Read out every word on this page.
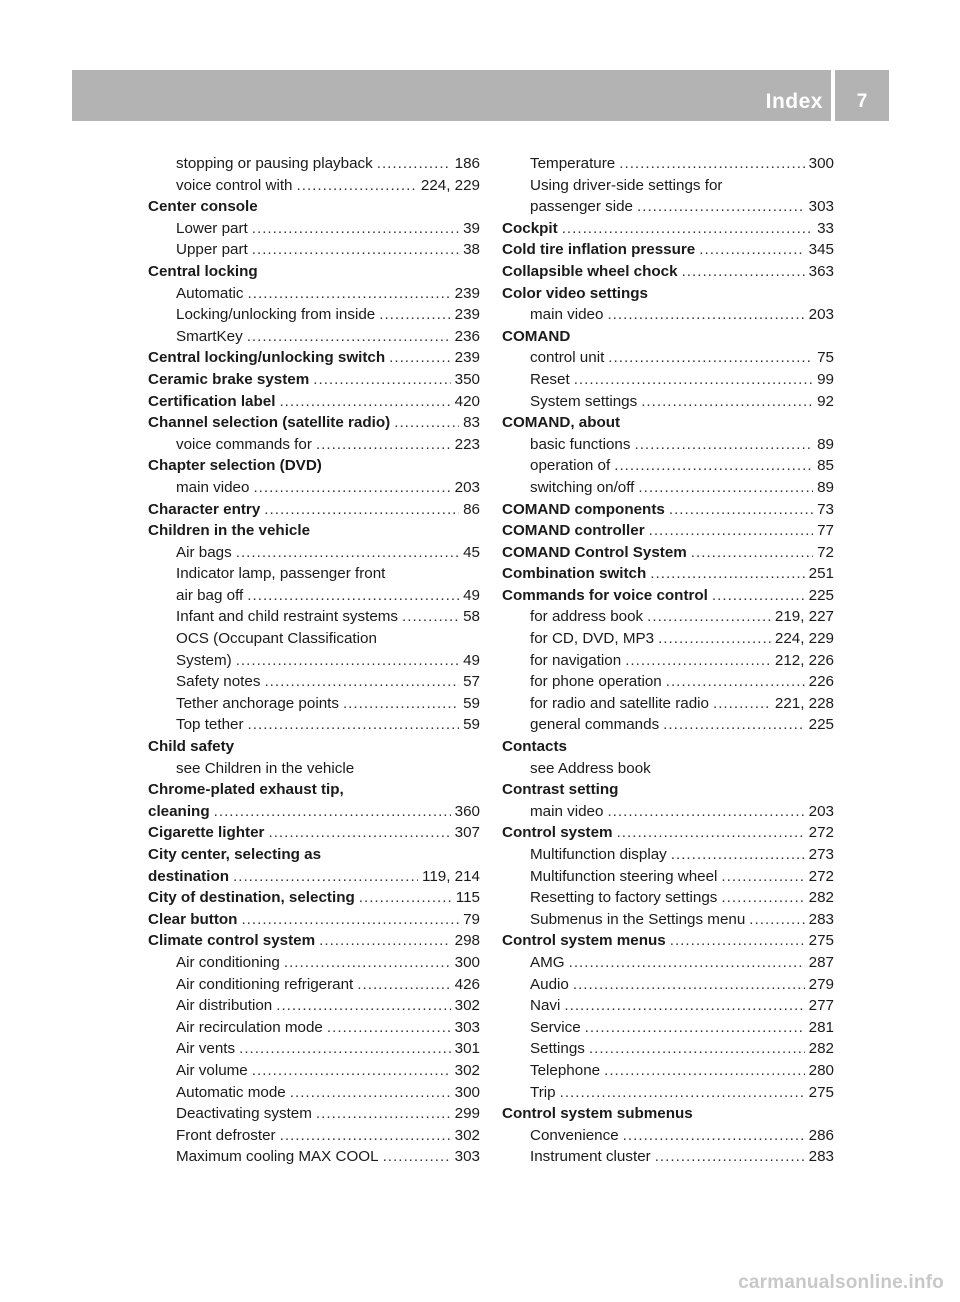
Index	7
stopping or pausing playback .....	186
voice control with .....	224, 229
Center console
Lower part .....	39
Upper part .....	38
Central locking
Automatic .....	239
Locking/unlocking from inside .....	239
SmartKey .....	236
Central locking/unlocking switch .....	239
Ceramic brake system .....	350
Certification label .....	420
Channel selection (satellite radio) .....	83
voice commands for .....	223
Chapter selection (DVD)
main video .....	203
Character entry .....	86
Children in the vehicle
Air bags .....	45
Indicator lamp, passenger front
air bag off .....	49
Infant and child restraint systems .....	58
OCS (Occupant Classification
System) .....	49
Safety notes .....	57
Tether anchorage points .....	59
Top tether .....	59
Child safety
see Children in the vehicle
Chrome-plated exhaust tip,
cleaning .....	360
Cigarette lighter .....	307
City center, selecting as
destination .....	119, 214
City of destination, selecting .....	115
Clear button .....	79
Climate control system .....	298
Air conditioning .....	300
Air conditioning refrigerant .....	426
Air distribution .....	302
Air recirculation mode .....	303
Air vents .....	301
Air volume .....	302
Automatic mode .....	300
Deactivating system .....	299
Front defroster .....	302
Maximum cooling MAX COOL .....	303
Temperature .....	300
Using driver-side settings for
passenger side .....	303
Cockpit .....	33
Cold tire inflation pressure .....	345
Collapsible wheel chock .....	363
Color video settings
main video .....	203
COMAND
control unit .....	75
Reset .....	99
System settings .....	92
COMAND, about
basic functions .....	89
operation of .....	85
switching on/off .....	89
COMAND components .....	73
COMAND controller .....	77
COMAND Control System .....	72
Combination switch .....	251
Commands for voice control .....	225
for address book .....	219, 227
for CD, DVD, MP3 .....	224, 229
for navigation .....	212, 226
for phone operation .....	226
for radio and satellite radio .....	221, 228
general commands .....	225
Contacts
see Address book
Contrast setting
main video .....	203
Control system .....	272
Multifunction display .....	273
Multifunction steering wheel .....	272
Resetting to factory settings .....	282
Submenus in the Settings menu .....	283
Control system menus .....	275
AMG .....	287
Audio .....	279
Navi .....	277
Service .....	281
Settings .....	282
Telephone .....	280
Trip .....	275
Control system submenus
Convenience .....	286
Instrument cluster .....	283
carmanualsonline.info
